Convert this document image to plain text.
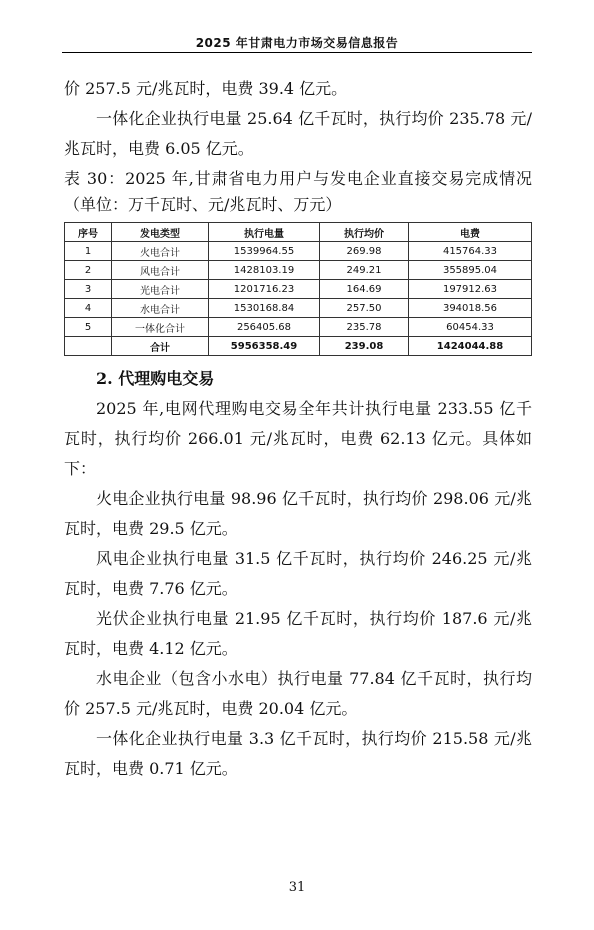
2025 年甘肃电力市场交易信息报告

价 257.5 元/兆瓦时，电费 39.4 亿元。

一体化企业执行电量 25.64 亿千瓦时，执行均价 235.78 元/兆瓦时，电费 6.05 亿元。

表 30：2025 年,甘肃省电力用户与发电企业直接交易完成情况（单位：万千瓦时、元/兆瓦时、万元）

序号	发电类型	执行电量	执行均价	电费
1	火电合计	1539964.55	269.98	415764.33
2	风电合计	1428103.19	249.21	355895.04
3	光电合计	1201716.23	164.69	197912.63
4	水电合计	1530168.84	257.50	394018.56
5	一体化合计	256405.68	235.78	60454.33
	合计	5956358.49	239.08	1424044.88

2. 代理购电交易

2025 年,电网代理购电交易全年共计执行电量 233.55 亿千瓦时，执行均价 266.01 元/兆瓦时，电费 62.13 亿元。具体如下：

火电企业执行电量 98.96 亿千瓦时，执行均价 298.06 元/兆瓦时，电费 29.5 亿元。

风电企业执行电量 31.5 亿千瓦时，执行均价 246.25 元/兆瓦时，电费 7.76 亿元。

光伏企业执行电量 21.95 亿千瓦时，执行均价 187.6 元/兆瓦时，电费 4.12 亿元。

水电企业（包含小水电）执行电量 77.84 亿千瓦时，执行均价 257.5 元/兆瓦时，电费 20.04 亿元。

一体化企业执行电量 3.3 亿千瓦时，执行均价 215.58 元/兆瓦时，电费 0.71 亿元。

31
